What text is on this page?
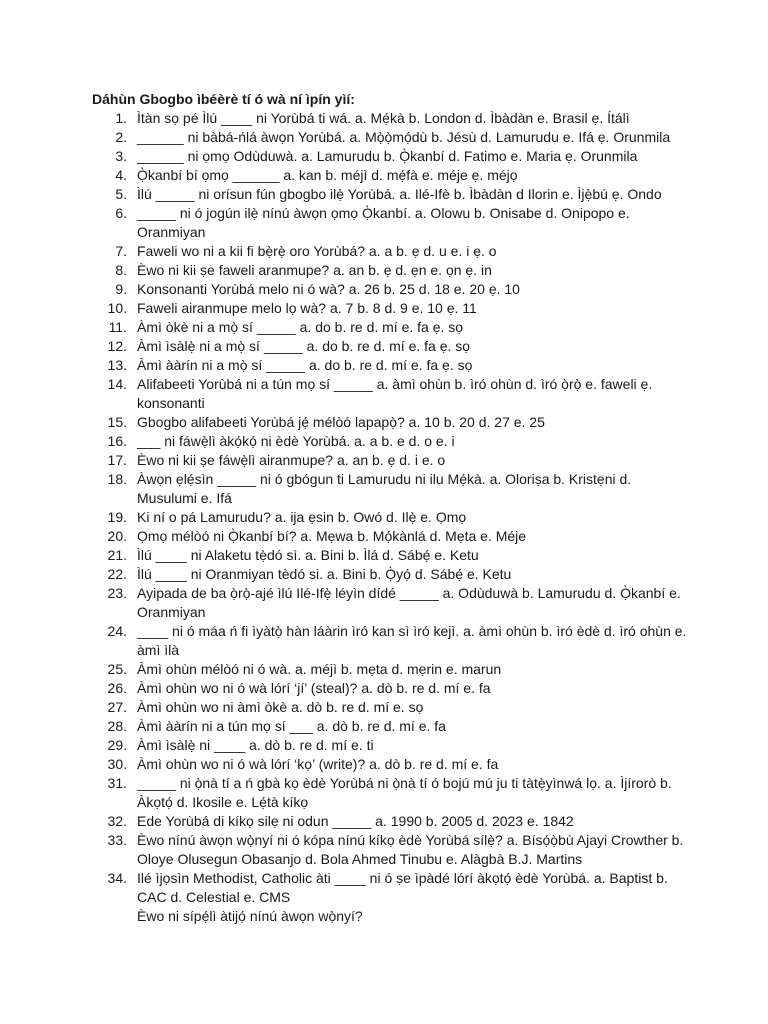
Dáhùn Gbogbo ìbéèrè tí ó wà ní ìpín yìí:
1. Ìtàn sọ pé Ìlú ____ ni Yorùbá ti wá. a. Mẹ́kà b. London d. Ìbàdàn e. Brasil ẹ. Ítálì
2. ______ ni bàbá-ńlá àwọn Yorùbá. a. Mọ̀ọ̀mọ́dù b. Jésù d. Lamurudu e. Ifá ẹ. Orunmila
3. ______ ni ọmọ Odùduwà. a. Lamurudu b. Ọ̀kanbí d. Fatimo e. Maria ẹ. Orunmila
4. Ọ̀kanbí bí ọmọ ______ a. kan b. méjì d. mẹ́fà e. méje ẹ. méjọ
5. Ìlú _____ ni orísun fún gbogbo ilẹ̀ Yorùbá. a. Ilé-Ifè b. Ìbàdàn d Ilorin e. Ìjẹ̀bú ẹ. Ondo
6. _____ ni ó jogún ilẹ̀ nínú àwọn ọmọ Ọ̀kanbí. a. Olowu b. Onisabe d. Onipopo e. Oranmiyan
7. Faweli wo ni a kii fi bẹ̀rẹ̀ oro Yorùbá? a. a b. ẹ d. u e. i ẹ. o
8. Èwo ni kii ṣe faweli aranmupe? a. an b. ẹ d. ẹn e. ọn ẹ. in
9. Konsonanti Yorùbá melo ni ó wà? a. 26 b. 25 d. 18 e. 20 ẹ. 10
10. Faweli airanmupe melo lọ wà? a. 7 b. 8 d. 9 e. 10 ẹ. 11
11. Àmì òkè ni a mọ̀ sí _____ a. do b. re d. mí e. fa ẹ. sọ
12. Àmì ìsàlẹ̀ ni a mọ̀ sí _____ a. do b. re d. mí e. fa ẹ. sọ
13. Àmì ààrín ni a mọ̀ sí _____ a. do b. re d. mí e. fa ẹ. sọ
14. Alifabeeti Yorùbá ni a tún mọ sí _____ a. àmì ohùn b. ìró ohùn d. ìró ọ̀rọ̀ e. faweli ẹ. konsonanti
15. Gbogbo alifabeeti Yorùbá jẹ́ mélòó lapapọ̀? a. 10 b. 20 d. 27 e. 25
16. ___ ni fáwẹ̀lì àkọ́kọ́ ni èdè Yorùbá. a. a b. e d. o e. i
17. Èwo ni kii ṣe fáwẹ̀lì airanmupe? a. an b. ẹ d. i e. o
18. Àwọn ẹlẹ́sìn _____ ni ó gbógun ti Lamurudu ni ilu Mẹ́kà. a. Oloriṣa b. Kristẹni d. Musulumi e. Ifá
19. Ki ní o pá Lamurudu? a. ija ẹsin b. Owó d. Ilẹ̀ e. Ọmọ
20. Ọmọ mélòó ni Ọ̀kanbí bí? a. Mẹwa b. Mọ́kànlá d. Mẹta e. Méje
21. Ìlú ____ ni Alaketu tẹ̀dó sì. a. Bini b. Ìlá d. Sábẹ́ e. Ketu
22. Ìlú ____ ni Oranmiyan tèdó si. a. Bini b. Ọ̀yọ́ d. Sábẹ́ e. Ketu
23. Ayipada de ba ọ̀rọ̀-ajé ìlú Ilé-Ifẹ̀ léyìn dídé _____ a. Odùduwà b. Lamurudu d. Ọ̀kanbí e. Oranmiyan
24. ____ ni ó máa ń fi ìyàtọ̀ hàn láàrin ìró kan sì ìró kejì. a. àmì ohùn b. ìró èdè d. ìró ohùn e. àmì ìlà
25. Àmì ohùn mélòó ni ó wà. a. méjì b. mẹta d. mẹrin e. marun
26. Àmì ohùn wo ni ó wà lórí ‘jí’ (steal)? a. dò b. re d. mí e. fa
27. Àmì ohùn wo ni àmì òkè a. dò b. re d. mí e. sọ
28. Àmì ààrín ni a tún mọ sí ___ a. dò b. re d. mí e. fa
29. Àmì ìsàlẹ̀ ni ____ a. dò b. re d. mí e. ti
30. Àmì ohùn wo ni ó wà lórí ‘kọ’ (write)? a. dò b. re d. mí e. fa
31. _____ ni ọ̀nà tí a ń gbà kọ èdè Yorùbá ni ọ̀nà tí ó bojú mú ju ti tàtẹ̀yìnwá lọ. a. Ìjírorò b. Àkọtọ́ d. Ikosile e. Lẹ́tà kíkọ
32. Ede Yorùbá di kíkọ silẹ ni odun _____ a. 1990 b. 2005 d. 2023 e. 1842
33. Èwo nínú àwọn wọ̀nyí ni ó kópa nínú kíkọ èdè Yorùbá sílẹ̀? a. Bísọ́ọ̀bù Ajayi Crowther b. Oloye Olusegun Obasanjo d. Bola Ahmed Tinubu e. Alàgbà B.J. Martins
34. Ilé ìjọsìn Methodist, Catholic àti ____ ni ó ṣe ìpàdé lórí àkọtọ́ èdè Yorùbá. a. Baptist b. CAC d. Celestial e. CMS
Èwo ni sípẹ́lì àtijọ́ nínú àwọn wọ̀nyí?
